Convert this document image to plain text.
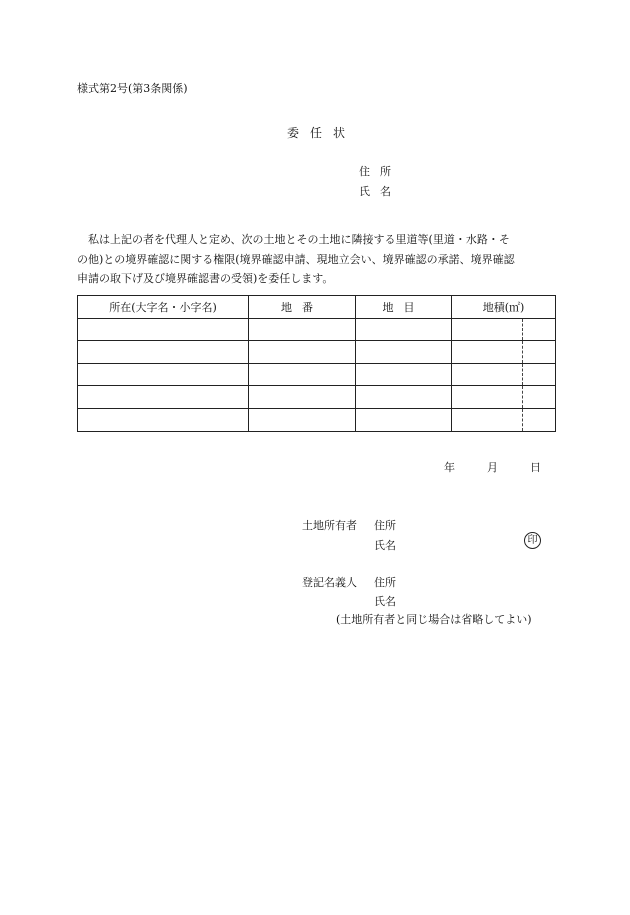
様式第2号(第3条関係)
委任状
住所
氏名

　私は上記の者を代理人と定め、次の土地とその土地に隣接する里道等(里道・水路・そ

の他)との境界確認に関する権限(境界確認申請、現地立会い、境界確認の承諾、境界確認

申請の取下げ及び境界確認書の受領)を委任します。

所在(大字名・小字名)	地番	地目	地積(㎡)

年	月	日
土地所有者 住所
氏名	印
登記名義人 住所
氏名
(土地所有者と同じ場合は省略してよい)
